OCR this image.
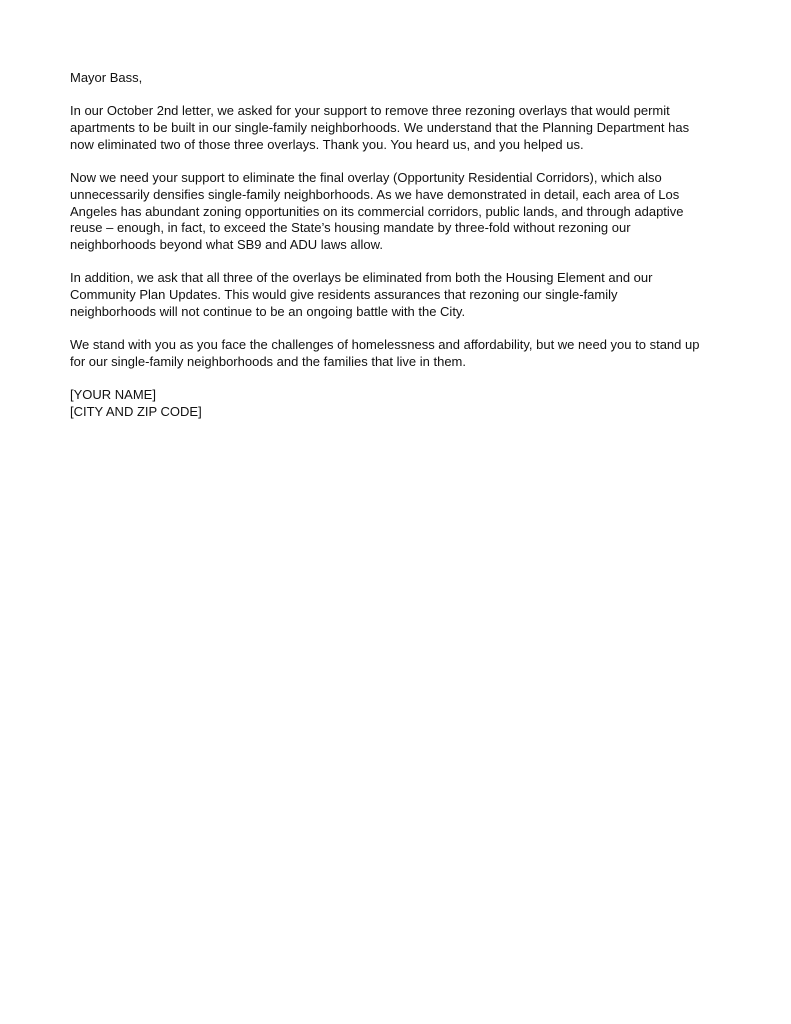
Mayor Bass,
In our October 2nd letter, we asked for your support to remove three rezoning overlays that would permit
apartments to be built in our single-family neighborhoods. We understand that the Planning Department has
now eliminated two of those three overlays. Thank you. You heard us, and you helped us.
Now we need your support to eliminate the final overlay (Opportunity Residential Corridors), which also
unnecessarily densifies single-family neighborhoods. As we have demonstrated in detail, each area of Los
Angeles has abundant zoning opportunities on its commercial corridors, public lands, and through adaptive
reuse – enough, in fact, to exceed the State’s housing mandate by three-fold without rezoning our
neighborhoods beyond what SB9 and ADU laws allow.
In addition, we ask that all three of the overlays be eliminated from both the Housing Element and our
Community Plan Updates. This would give residents assurances that rezoning our single-family
neighborhoods will not continue to be an ongoing battle with the City.
We stand with you as you face the challenges of homelessness and affordability, but we need you to stand up
for our single-family neighborhoods and the families that live in them.
[YOUR NAME]
[CITY AND ZIP CODE]
